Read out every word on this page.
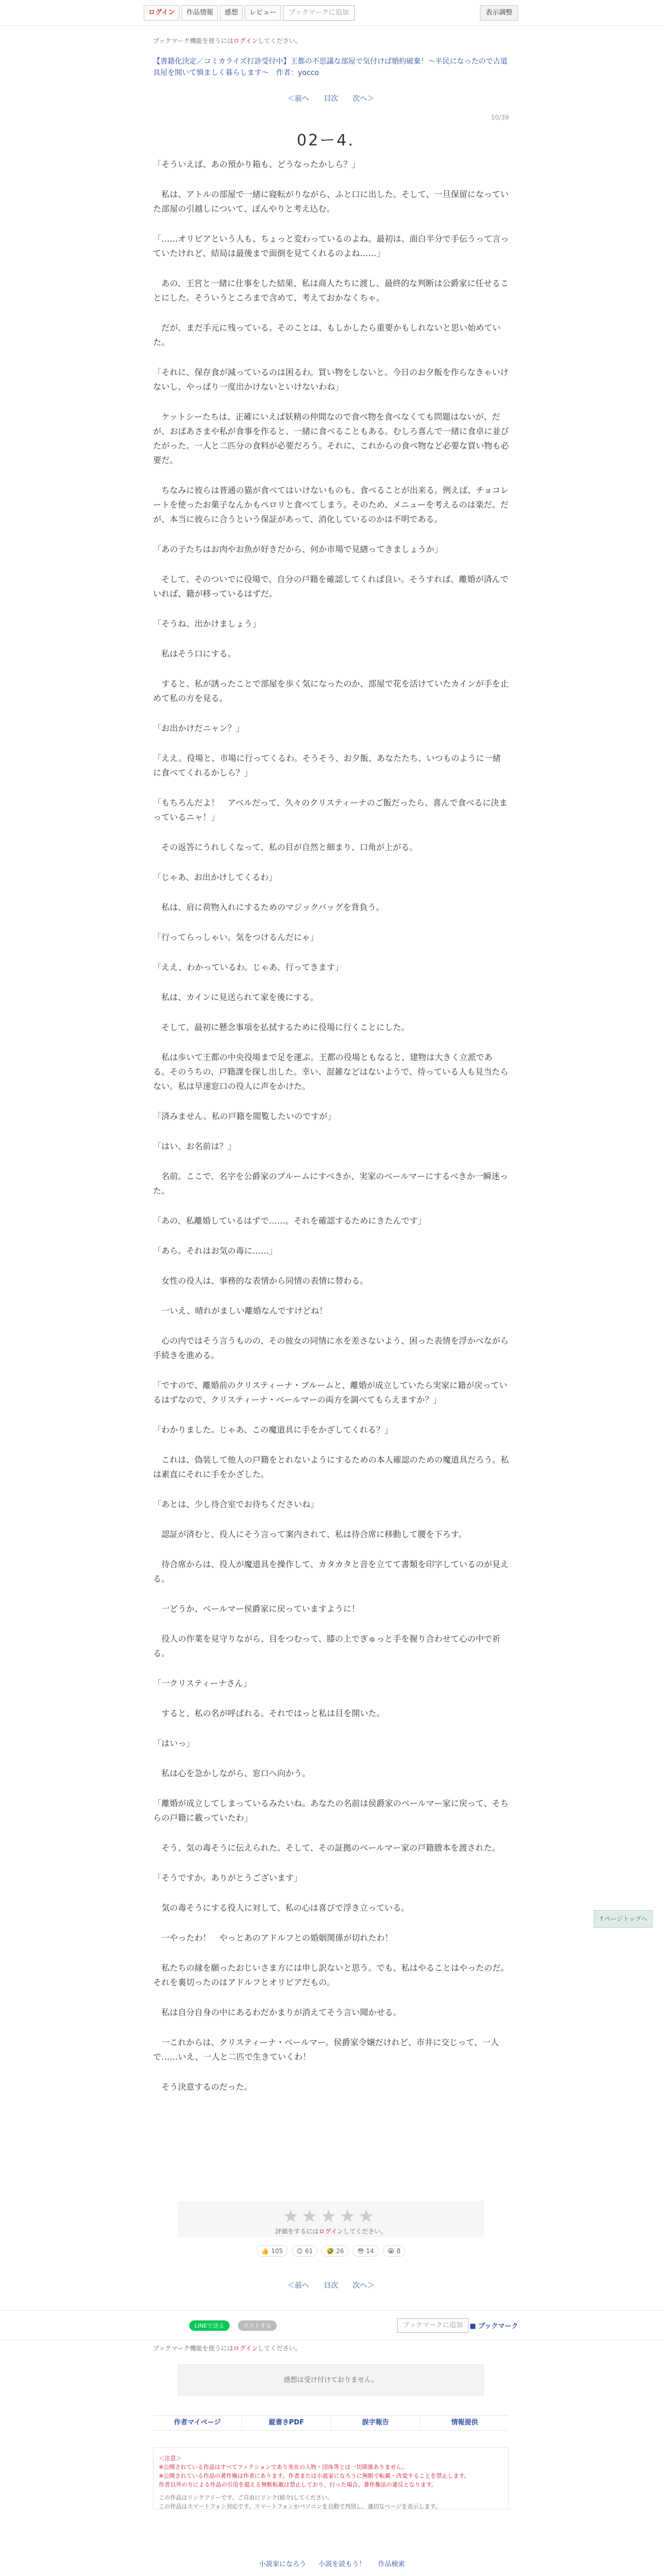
ログイン	作品情報	感想	レビュー	ブックマークに追加	表示調整

ブックマーク機能を使うにはログインしてください。

【書籍化決定／コミカライズ打診受付中】王都の不思議な部屋で気付けば婚約破棄！～平民になったので古道具屋を開いて慎ましく暮らします～　 作者：yocco

＜前へ 目次 次へ＞
10/39
02ー4．

「そういえば、あの預かり箱も、どうなったかしら？」

　私は、アトルの部屋で一緒に寝転がりながら、ふと口に出した。そして、一旦保留になっていた部屋の引越しについて、ぼんやりと考え込む。

「……オリビアという人も、ちょっと変わっているのよね。最初は、面白半分で手伝うって言っていたけれど、結局は最後まで面倒を見てくれるのよね……」

　あの、王宮と一緒に仕事をした結果、私は商人たちに渡し、最終的な判断は公爵家に任せることにした。そういうところまで含めて、考えておかなくちゃ。

　だが、まだ手元に残っている。そのことは、もしかしたら重要かもしれないと思い始めていた。

「それに、保存食が減っているのは困るわ。買い物をしないと。今日のお夕飯を作らなきゃいけないし、やっぱり一度出かけないといけないわね」

　ケットシーたちは、正確にいえば妖精の仲間なので食べ物を食べなくても問題はないが、だが、おばあさまや私が食事を作ると、一緒に食べることもある。むしろ喜んで一緒に食卓に並びたがった。一人と二匹分の食料が必要だろう。それに、これからの食べ物など必要な買い物も必要だ。

　ちなみに彼らは普通の猫が食べてはいけないものも、食べることが出来る。例えば、チョコレートを使ったお菓子なんかもペロリと食べてしまう。そのため、メニューを考えるのは楽だ。だが、本当に彼らに合うという保証があって、消化しているのかは不明である。

「あの子たちはお肉やお魚が好きだから、何か市場で見繕ってきましょうか」

　そして、そのついでに役場で、自分の戸籍を確認してくれば良い。そうすれば、離婚が済んでいれば、籍が移っているはずだ。

「そうね、出かけましょう」

　私はそう口にする。

　すると、私が誘ったことで部屋を歩く気になったのか、部屋で花を活けていたカインが手を止めて私の方を見る。

「お出かけだニャン？」

「ええ。役場と、市場に行ってくるわ。そうそう、お夕飯、あなたたち、いつものように一緒に食べてくれるかしら？」

「もちろんだよ！　アベルだって、久々のクリスティーナのご飯だったら、喜んで食べるに決まっているニャ！」

　その返答にうれしくなって、私の目が自然と細まり、口角が上がる。

「じゃあ、お出かけしてくるわ」

　私は、肩に荷物入れにするためのマジックバッグを背負う。

「行ってらっしゃい。気をつけるんだにゃ」

「ええ、わかっているわ。じゃあ、行ってきます」

　私は、カインに見送られて家を後にする。

　そして、最初に懸念事項を払拭するために役場に行くことにした。

　私は歩いて王都の中央役場まで足を運ぶ。王都の役場ともなると、建物は大きく立派である。そのうちの、戸籍課を探し出した。幸い、混雑などはないようで、待っている人も見当たらない。私は早速窓口の役人に声をかけた。

「済みません。私の戸籍を閲覧したいのですが」

「はい、お名前は？」

　名前。ここで、名字を公爵家のブルームにすべきか、実家のベールマーにするべきか一瞬迷った。

「あの、私離婚しているはずで……。それを確認するためにきたんです」

「あら。それはお気の毒に……」

　女性の役人は、事務的な表情から同情の表情に替わる。

　一いえ、晴れがましい離婚なんですけどね！

　心の内ではそう言うものの、その彼女の同情に水を差さないよう、困った表情を浮かべながら手続きを進める。

「ですので、離婚前のクリスティーナ・ブルームと、離婚が成立していたら実家に籍が戻っているはずなので、クリスティーナ・ベールマーの両方を調べてもらえますか？」

「わかりました。じゃあ、この魔道具に手をかざしてくれる？」

　これは、偽装して他人の戸籍をとれないようにするための本人確認のための魔道具だろう。私は素直にそれに手をかざした。

「あとは、少し待合室でお待ちくださいね」

　認証が済むと、役人にそう言って案内されて、私は待合席に移動して腰を下ろす。

　待合席からは、役人が魔道具を操作して、カタカタと音を立てて書類を印字しているのが見える。

　一どうか、ベールマー侯爵家に戻っていますように！

　役人の作業を見守りながら、目をつむって、膝の上でぎゅっと手を握り合わせて心の中で祈る。

「一クリスティーナさん」

　すると、私の名が呼ばれる。それではっと私は目を開いた。

「はいっ」

　私は心を急かしながら、窓口へ向かう。

「離婚が成立してしまっているみたいね。あなたの名前は侯爵家のベールマー家に戻って、そちらの戸籍に載っていたわ」

　そう、気の毒そうに伝えられた。そして、その証拠のベールマー家の戸籍謄本を渡された。

「そうですか。ありがとうございます」

　気の毒そうにする役人に対して、私の心は喜びで浮き立っている。

　一やったわ！　やっとあのアドルフとの婚姻関係が切れたわ！

　私たちの縁を願ったおじいさま方には申し訳ないと思う。でも、私はやることはやったのだ。それを裏切ったのはアドルフとオリビアだもの。

　私は自分自身の中にあるわだかまりが消えてそう言い聞かせる。

　一これからは、クリスティーナ・ベールマー。侯爵家令嬢だけれど、市井に交じって、一人で……いえ、一人と二匹で生きていくわ！

　そう決意するのだった。

★★★★★

評価をするにはログインしてください。

👍 105	😊 61	🤣 26	😳 14	😭 8
＜前へ 目次 次へ＞
LINEで送る	ポストする	ブックマークに追加	■ ブックマーク

ブックマーク機能を使うにはログインしてください。

感想は受け付けておりません。
作者マイページ	縦書きPDF	誤字報告	情報提供

＜注意＞

※公開されている作品はすべてフィクションであり実在の人物・団体等とは一切関係ありません。

※公開されている作品の著作権は作者にあります。作者または小説家になろうに無断で転載・改変することを禁止します。

作者以外の方による作品の引用を超える無断転載は禁止しており、行った場合、著作権法の違反となります。

この作品はリンクフリーです。ご自由にリンク(紹介)してください。

この作品はスマートフォン対応です。スマートフォンかパソコンを自動で判別し、適切なページを表示します。

小説家になろう 小説を読もう！ 作品検索
↑ページトップへ
